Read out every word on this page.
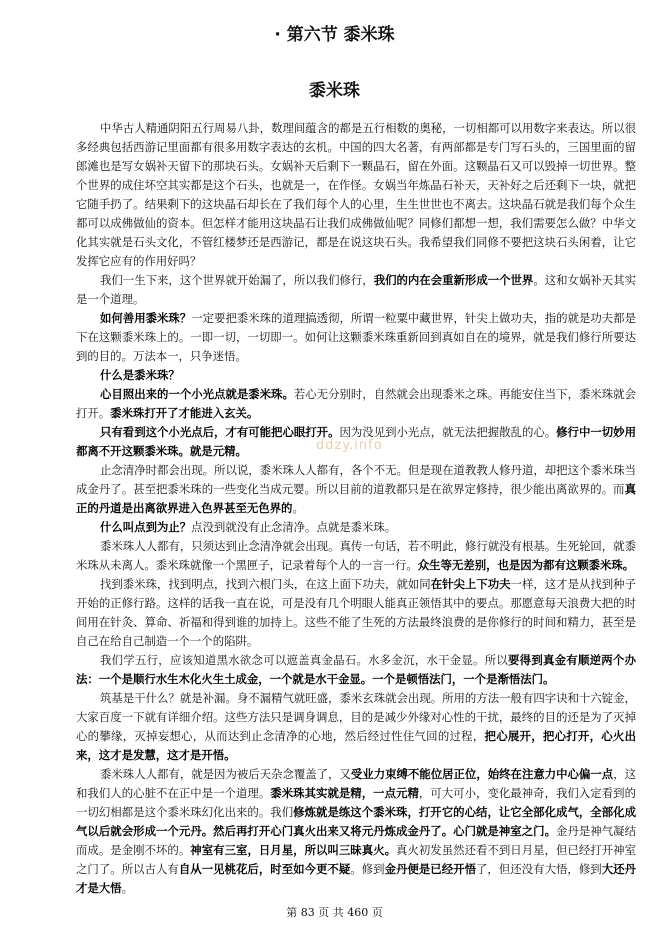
· 第六节 黍米珠
黍米珠

中华古人精通阴阳五行周易八卦，数理间蕴含的都是五行相数的奥秘，一切相都可以用数字来表达。所以很多经典包括西游记里面都有很多用数字表达的玄机。中国的四大名著，有两部都是专门写石头的，三国里面的留郎滩也是写女娲补天留下的那块石头。女娲补天后剩下一颗晶石，留在外面。这颗晶石又可以毁掉一切世界。整个世界的成住坏空其实都是这个石头，也就是一，在作怪。女娲当年炼晶石补天，天补好之后还剩下一块，就把它随手扔了。结果剩下的这块晶石却长在了我们每个人的心里，生生世世也不离去。这块晶石就是我们每个众生都可以成佛做仙的资本。但怎样才能用这块晶石让我们成佛做仙呢？同修们都想一想，我们需要怎么做？中华文化其实就是石头文化，不管红楼梦还是西游记，都是在说这块石头。我希望我们同修不要把这块石头闲着，让它发挥它应有的作用好吗？

我们一生下来，这个世界就开始漏了，所以我们修行，我们的内在会重新形成一个世界。这和女娲补天其实是一个道理。

如何善用黍米珠？一定要把黍米珠的道理搞透彻，所谓一粒粟中藏世界，针尖上做功夫，指的就是功夫都是下在这颗黍米珠上的。一即一切，一切即一。如何让这颗黍米珠重新回到真如自在的境界，就是我们修行所要达到的目的。万法本一，只争迷悟。

什么是黍米珠？

心目照出来的一个小光点就是黍米珠。若心无分别时，自然就会出现黍米之珠。再能安住当下，黍米珠就会打开。黍米珠打开了才能进入玄关。

只有看到这个小光点后，才有可能把心眼打开。因为没见到小光点，就无法把握散乱的心。修行中一切妙用都离不开这颗黍米珠。就是元精。

止念清净时都会出现。所以说，黍米珠人人都有，各个不无。但是现在道教教人修丹道，却把这个黍米珠当成金丹了。甚至把黍米珠的一些变化当成元婴。所以目前的道教都只是在欲界定修持，很少能出离欲界的。而真正的丹道是出离欲界进入色界甚至无色界的。

什么叫点到为止？点没到就没有止念清净。点就是黍米珠。

黍米珠人人都有，只须达到止念清净就会出现。真传一句话，若不明此，修行就没有根基。生死轮回，就黍米珠从未离人。黍米珠就像一个黑匣子，记录着每个人的一言一行。众生等无差别，也是因为都有这颗黍米珠。

找到黍米珠，找到明点，找到六根门头，在这上面下功夫，就如同在针尖上下功夫一样，这才是从找到种子开始的正修行路。这样的话我一直在说，可是没有几个明眼人能真正领悟其中的要点。那愿意每天浪费大把的时间用在针灸、算命、祈福和得到谁的加持上。这些不能了生死的方法最终浪费的是你修行的时间和精力，甚至是自己在给自己制造一个一个的陷阱。

我们学五行，应该知道黑水欲念可以遮盖真金晶石。水多金沉，水干金显。所以要得到真金有顺逆两个办法：一个是顺行水生木化火生土成金，一个就是水干金显。一个是顿悟法门，一个是渐悟法门。

筑基是干什么？就是补漏。身不漏精气就旺盛，黍米玄珠就会出现。所用的方法一般有四字诀和十六锭金，大家百度一下就有详细介绍。这些方法只是调身调息，目的是减少外缘对心性的干扰，最终的目的还是为了灭掉心的攀缘，灭掉妄想心，从而达到止念清净的心地，然后经过性住气回的过程，把心展开，把心打开，心火出来，这才是发慧，这才是开悟。

黍米珠人人都有，就是因为被后天杂念覆盖了，又受业力束缚不能位居正位，始终在注意力中心偏一点，这和我们人的心脏不在正中是一个道理。黍米珠其实就是精，一点元精，可大可小，变化最神奇，我们入定看到的一切幻相都是这个黍米珠幻化出来的。我们修炼就是练这个黍米珠，打开它的心结，让它全部化成气，全部化成气以后就会形成一个元丹。然后再打开心门真火出来又将元丹炼成金丹了。心门就是神室之门。金丹是神气凝结而成。是金刚不坏的。神室有三室，日月星，所以叫三昧真火。真火初发虽然还看不到日月星，但已经打开神室之门了。所以古人有自从一见桃花后，时至如今更不疑。修到金丹便是已经开悟了，但还没有大悟，修到大还丹才是大悟。

ddzy.info
第 83 页 共 460 页
